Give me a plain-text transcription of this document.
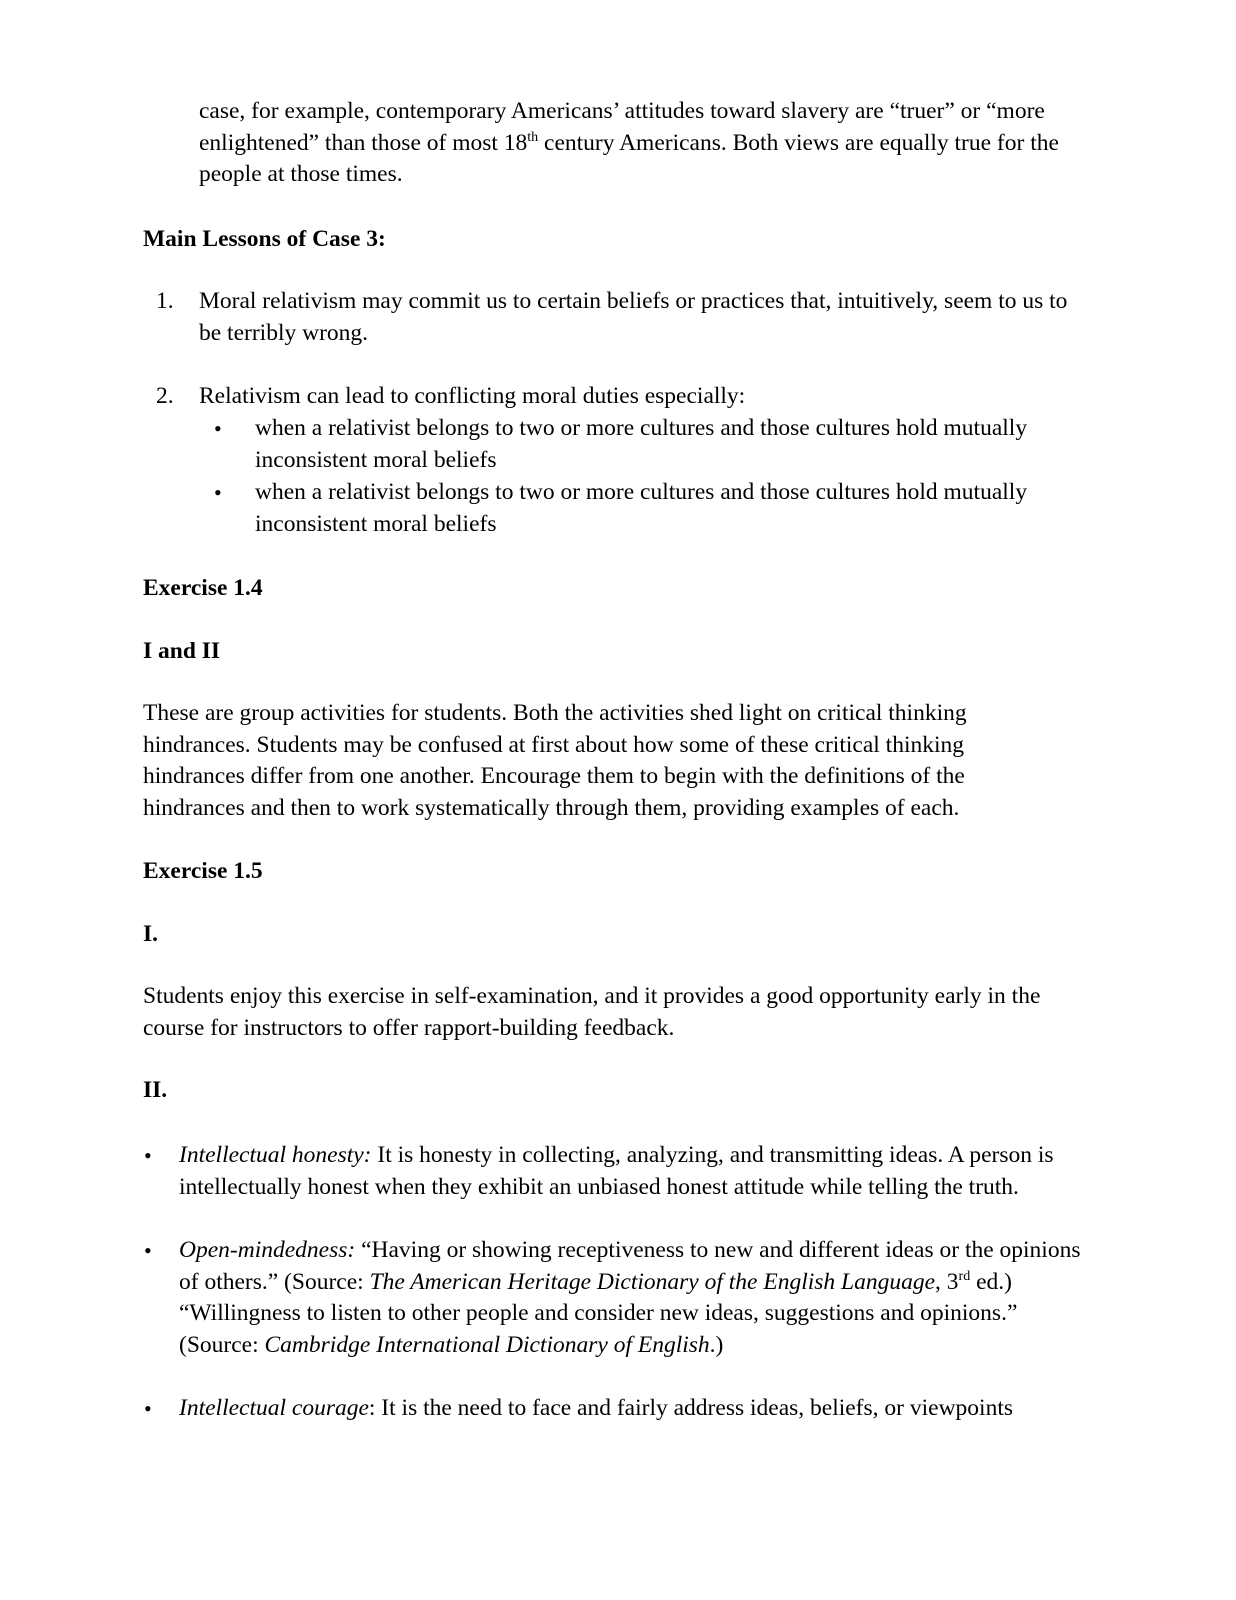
case, for example, contemporary Americans’ attitudes toward slavery are “truer” or “more enlightened” than those of most 18th century Americans. Both views are equally true for the people at those times.

Main Lessons of Case 3:
1.	Moral relativism may commit us to certain beliefs or practices that, intuitively, seem to us to be terribly wrong.

2.	Relativism can lead to conflicting moral duties especially:

• when a relativist belongs to two or more cultures and those cultures hold mutually inconsistent moral beliefs

• when a relativist belongs to two or more cultures and those cultures hold mutually inconsistent moral beliefs

Exercise 1.4
I and II

These are group activities for students. Both the activities shed light on critical thinking hindrances. Students may be confused at first about how some of these critical thinking hindrances differ from one another. Encourage them to begin with the definitions of the hindrances and then to work systematically through them, providing examples of each.

Exercise 1.5
I.

Students enjoy this exercise in self-examination, and it provides a good opportunity early in the course for instructors to offer rapport-building feedback.

II.
• Intellectual honesty: It is honesty in collecting, analyzing, and transmitting ideas. A person is intellectually honest when they exhibit an unbiased honest attitude while telling the truth.

• Open-mindedness: “Having or showing receptiveness to new and different ideas or the opinions of others.” (Source: The American Heritage Dictionary of the English Language, 3rd ed.) “Willingness to listen to other people and consider new ideas, suggestions and opinions.” (Source: Cambridge International Dictionary of English.)

• Intellectual courage: It is the need to face and fairly address ideas, beliefs, or viewpoints
